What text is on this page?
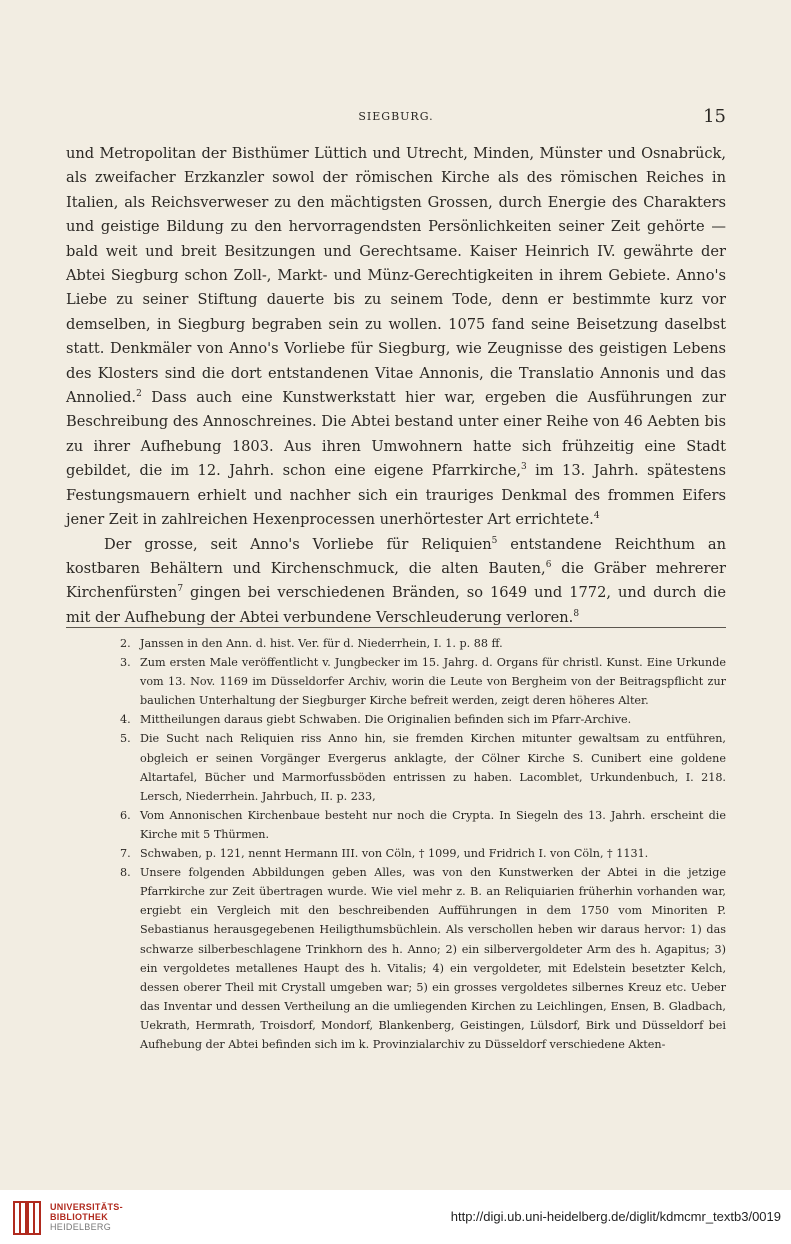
SIEGBURG.	15

und Metropolitan der Bisthümer Lüttich und Utrecht, Minden, Münster und Osnabrück, als zweifacher Erzkanzler sowol der römischen Kirche als des römischen Reiches in Italien, als Reichsverweser zu den mächtigsten Grossen, durch Energie des Charakters und geistige Bildung zu den hervorragendsten Persönlichkeiten seiner Zeit gehörte — bald weit und breit Besitzungen und Gerechtsame. Kaiser Heinrich IV. gewährte der Abtei Siegburg schon Zoll-, Markt- und Münz-Gerechtigkeiten in ihrem Gebiete. Anno's Liebe zu seiner Stiftung dauerte bis zu seinem Tode, denn er bestimmte kurz vor demselben, in Siegburg begraben sein zu wollen. 1075 fand seine Beisetzung daselbst statt. Denkmäler von Anno's Vorliebe für Siegburg, wie Zeugnisse des geistigen Lebens des Klosters sind die dort entstandenen Vitae Annonis, die Translatio Annonis und das Annolied.$^2$ Dass auch eine Kunstwerkstatt hier war, ergeben die Ausführungen zur Beschreibung des Annoschreines. Die Abtei bestand unter einer Reihe von 46 Aebten bis zu ihrer Aufhebung 1803. Aus ihren Umwohnern hatte sich frühzeitig eine Stadt gebildet, die im 12. Jahrh. schon eine eigene Pfarrkirche,$^3$ im 13. Jahrh. spätestens Festungsmauern erhielt und nachher sich ein trauriges Denkmal des frommen Eifers jener Zeit in zahlreichen Hexenprocessen unerhörtester Art errichtete.$^4$

Der grosse, seit Anno's Vorliebe für Reliquien$^5$ entstandene Reichthum an kostbaren Behältern und Kirchenschmuck, die alten Bauten,$^6$ die Gräber mehrerer Kirchenfürsten$^7$ gingen bei verschiedenen Bränden, so 1649 und 1772, und durch die mit der Aufhebung der Abtei verbundene Verschleuderung verloren.$^8$

2. Janssen in den Ann. d. hist. Ver. für d. Niederrhein, I. 1. p. 88 ff.
3. Zum ersten Male veröffentlicht v. Jungbecker im 15. Jahrg. d. Organs für christl. Kunst. Eine Urkunde vom 13. Nov. 1169 im Düsseldorfer Archiv, worin die Leute von Bergheim von der Beitragspflicht zur baulichen Unterhaltung der Siegburger Kirche befreit werden, zeigt deren höheres Alter.
4. Mittheilungen daraus giebt Schwaben. Die Originalien befinden sich im Pfarr-Archive.
5. Die Sucht nach Reliquien riss Anno hin, sie fremden Kirchen mitunter gewaltsam zu entführen, obgleich er seinen Vorgänger Evergerus anklagte, der Cölner Kirche S. Cunibert eine goldene Altartafel, Bücher und Marmorfussböden entrissen zu haben. Lacomblet, Urkundenbuch, I. 218. Lersch, Niederrhein. Jahrbuch, II. p. 233,
6. Vom Annonischen Kirchenbaue besteht nur noch die Crypta. In Siegeln des 13. Jahrh. erscheint die Kirche mit 5 Thürmen.
7. Schwaben, p. 121, nennt Hermann III. von Cöln, † 1099, und Fridrich I. von Cöln, † 1131.
8. Unsere folgenden Abbildungen geben Alles, was von den Kunstwerken der Abtei in die jetzige Pfarrkirche zur Zeit übertragen wurde. Wie viel mehr z. B. an Reliquiarien früherhin vorhanden war, ergiebt ein Vergleich mit den beschreibenden Aufführungen in dem 1750 vom Minoriten P. Sebastianus herausgegebenen Heiligthumsbüchlein. Als verschollen heben wir daraus hervor: 1) das schwarze silberbeschlagene Trinkhorn des h. Anno; 2) ein silbervergoldeter Arm des h. Agapitus; 3) ein vergoldetes metallenes Haupt des h. Vitalis; 4) ein vergoldeter, mit Edelstein besetzter Kelch, dessen oberer Theil mit Crystall umgeben war; 5) ein grosses vergoldetes silbernes Kreuz etc. Ueber das Inventar und dessen Vertheilung an die umliegenden Kirchen zu Leichlingen, Ensen, B. Gladbach, Uekrath, Hermrath, Troisdorf, Mondorf, Blankenberg, Geistingen, Lülsdorf, Birk und Düsseldorf bei Aufhebung der Abtei befinden sich im k. Provinzialarchiv zu Düsseldorf verschiedene Akten-
UNIVERSITÄTS-
BIBLIOTHEK
HEIDELBERG
http://digi.ub.uni-heidelberg.de/diglit/kdmcmr_textb3/0019
